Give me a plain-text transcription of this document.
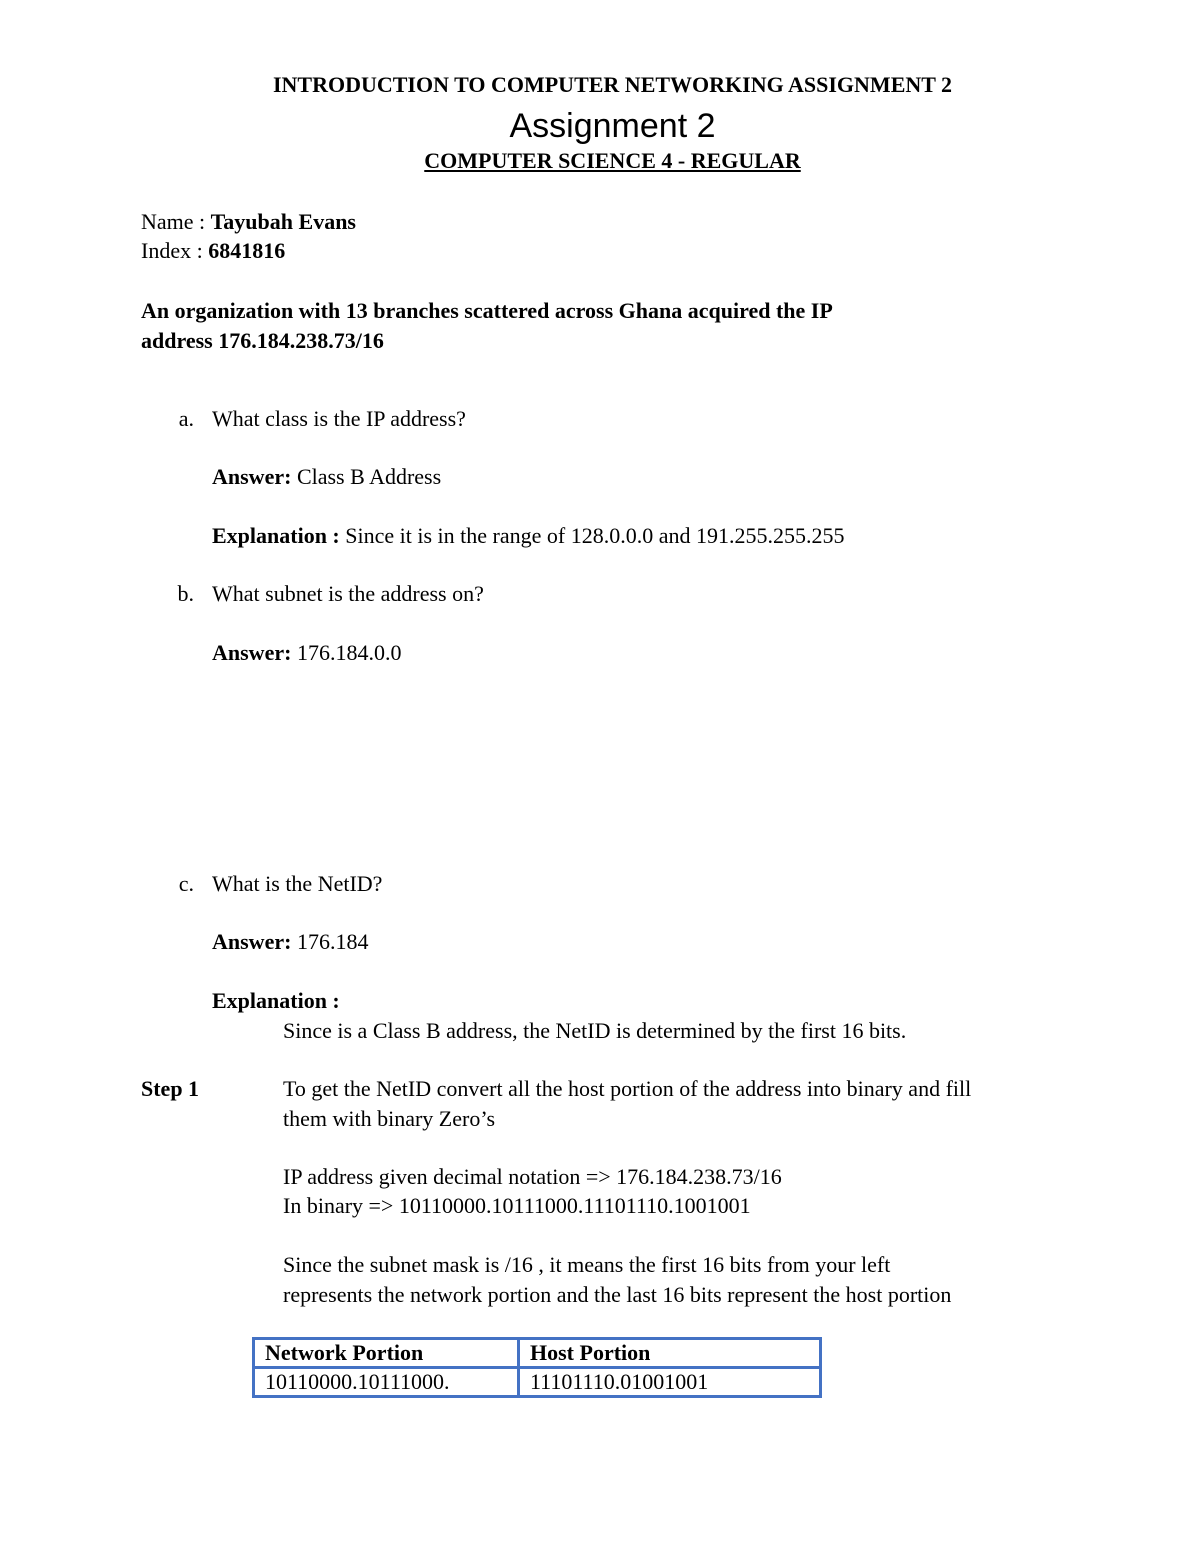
INTRODUCTION TO COMPUTER NETWORKING ASSIGNMENT 2
Assignment 2
COMPUTER SCIENCE 4 - REGULAR
Name : Tayubah Evans
Index : 6841816
An organization with 13 branches scattered across Ghana acquired the IP
address 176.184.238.73/16
a. What class is the IP address?
Answer: Class B Address
Explanation : Since it is in the range of 128.0.0.0 and 191.255.255.255
b. What subnet is the address on?
Answer: 176.184.0.0
c. What is the NetID?
Answer: 176.184
Explanation :
Since is a Class B address, the NetID is determined by the first 16 bits.
Step 1	To get the NetID convert all the host portion of the address into binary and fill
them with binary Zero’s
IP address given decimal notation => 176.184.238.73/16
In binary => 10110000.10111000.11101110.1001001
Since the subnet mask is /16 , it means the first 16 bits from your left
represents the network portion and the last 16 bits represent the host portion
Network Portion	Host Portion
10110000.10111000.	11101110.01001001
